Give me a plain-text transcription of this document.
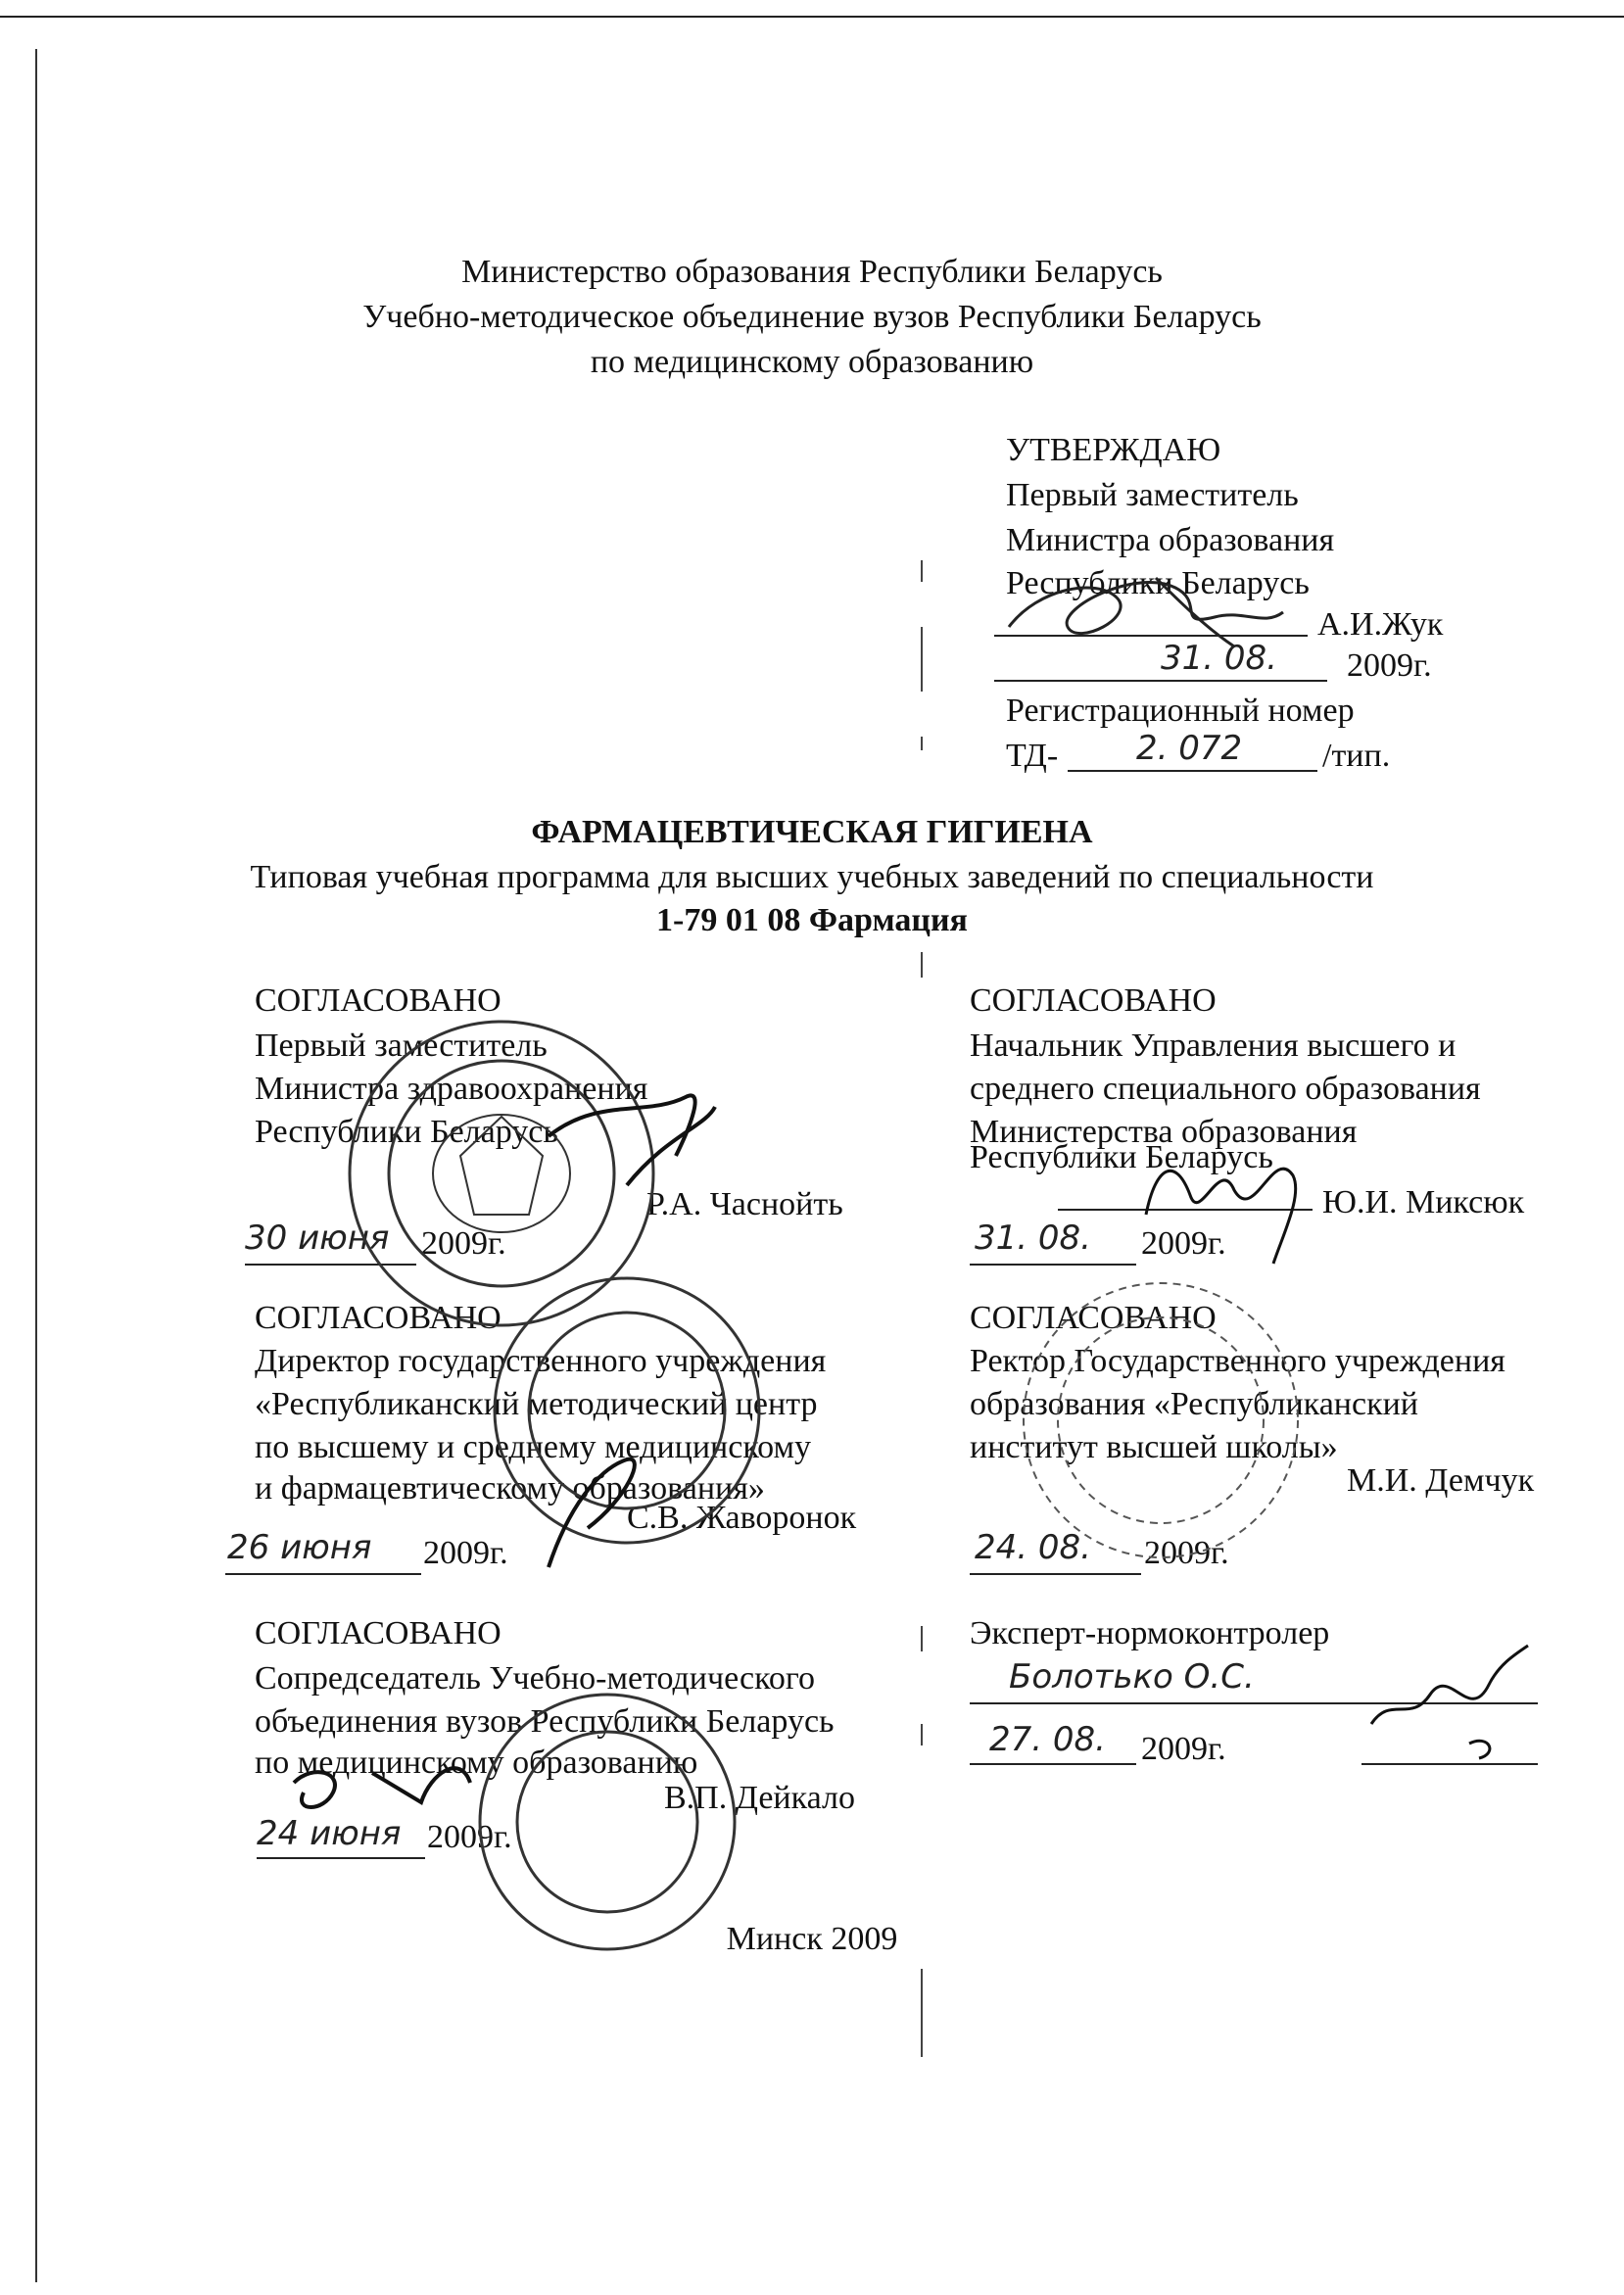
Министерство образования Республики Беларусь
Учебно-методическое объединение вузов Республики Беларусь
по медицинскому образованию
УТВЕРЖДАЮ
Первый заместитель
Министра образования
Республики Беларусь
А.И.Жук
31. 08. 2009г.
Регистрационный номер
ТД- 2. 072 /тип.
ФАРМАЦЕВТИЧЕСКАЯ ГИГИЕНА
Типовая учебная программа для высших учебных заведений по специальности
1-79 01 08 Фармация
СОГЛАСОВАНО
Первый заместитель
Министра здравоохранения
Республики Беларусь
Р.А. Часнойть
30 июня 2009г.
СОГЛАСОВАНО
Начальник Управления высшего и
среднего специального образования
Министерства образования
Республики Беларусь
Ю.И. Миксюк
31. 08. 2009г.
СОГЛАСОВАНО
Директор государственного учреждения
«Республиканский методический центр
по высшему и среднему медицинскому
и фармацевтическому образования»
С.В. Жаворонок
26 июня 2009г.
СОГЛАСОВАНО
Ректор Государственного учреждения
образования «Республиканский
институт высшей школы»
М.И. Демчук
24. 08. 2009г.
СОГЛАСОВАНО
Сопредседатель Учебно-методического
объединения вузов Республики Беларусь
по медицинскому образованию
В.П. Дейкало
24 июня 2009г.
Эксперт-нормоконтролер
Болотько О.С.
27. 08. 2009г.
Минск 2009
